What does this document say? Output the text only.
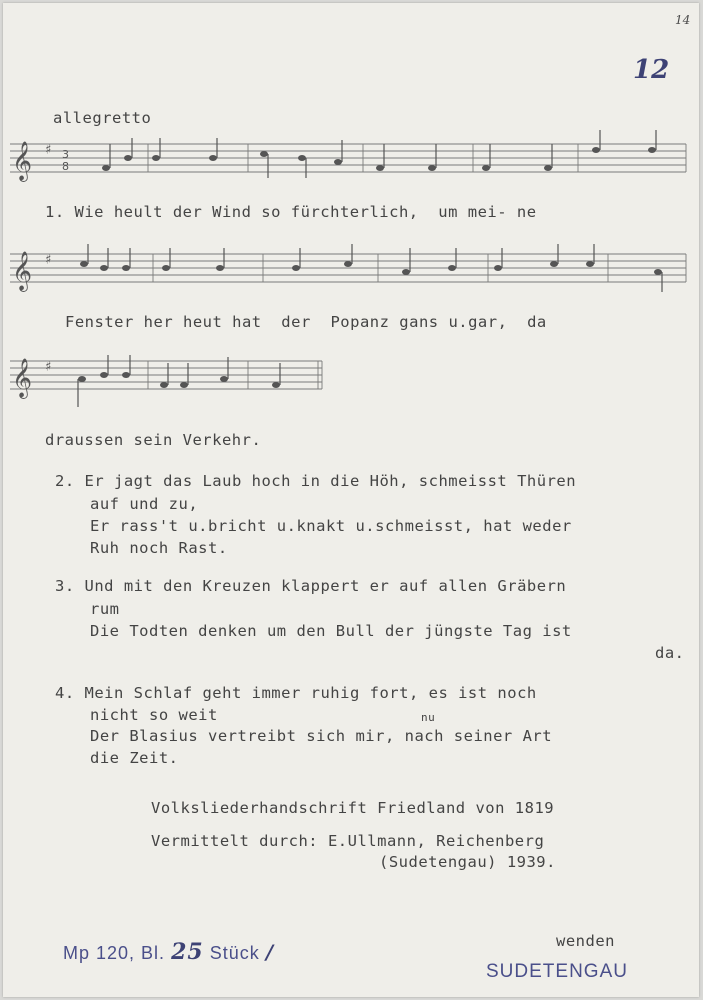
14
12
allegretto
𝄞 ♯ 3
8
1. Wie heult der Wind so fürchterlich,  um mei- ne
𝄞 ♯
Fenster her heut hat  der  Popanz gans u.gar,  da
𝄞 ♯
draussen sein Verkehr.
2. Er jagt das Laub hoch in die Höh, schmeisst Thüren
auf und zu,
Er rass't u.bricht u.knakt u.schmeisst, hat weder
Ruh noch Rast.
3. Und mit den Kreuzen klappert er auf allen Gräbern
rum
Die Todten denken um den Bull der jüngste Tag ist
da.
4. Mein Schlaf geht immer ruhig fort, es ist noch
nicht so weit	nu
Der Blasius vertreibt sich mir, nach seiner Art
die Zeit.
Volksliederhandschrift Friedland von 1819
Vermittelt durch: E.Ullmann, Reichenberg
(Sudetengau) 1939.
wenden
Mp 120, Bl. 25 Stück /
SUDETENGAU
